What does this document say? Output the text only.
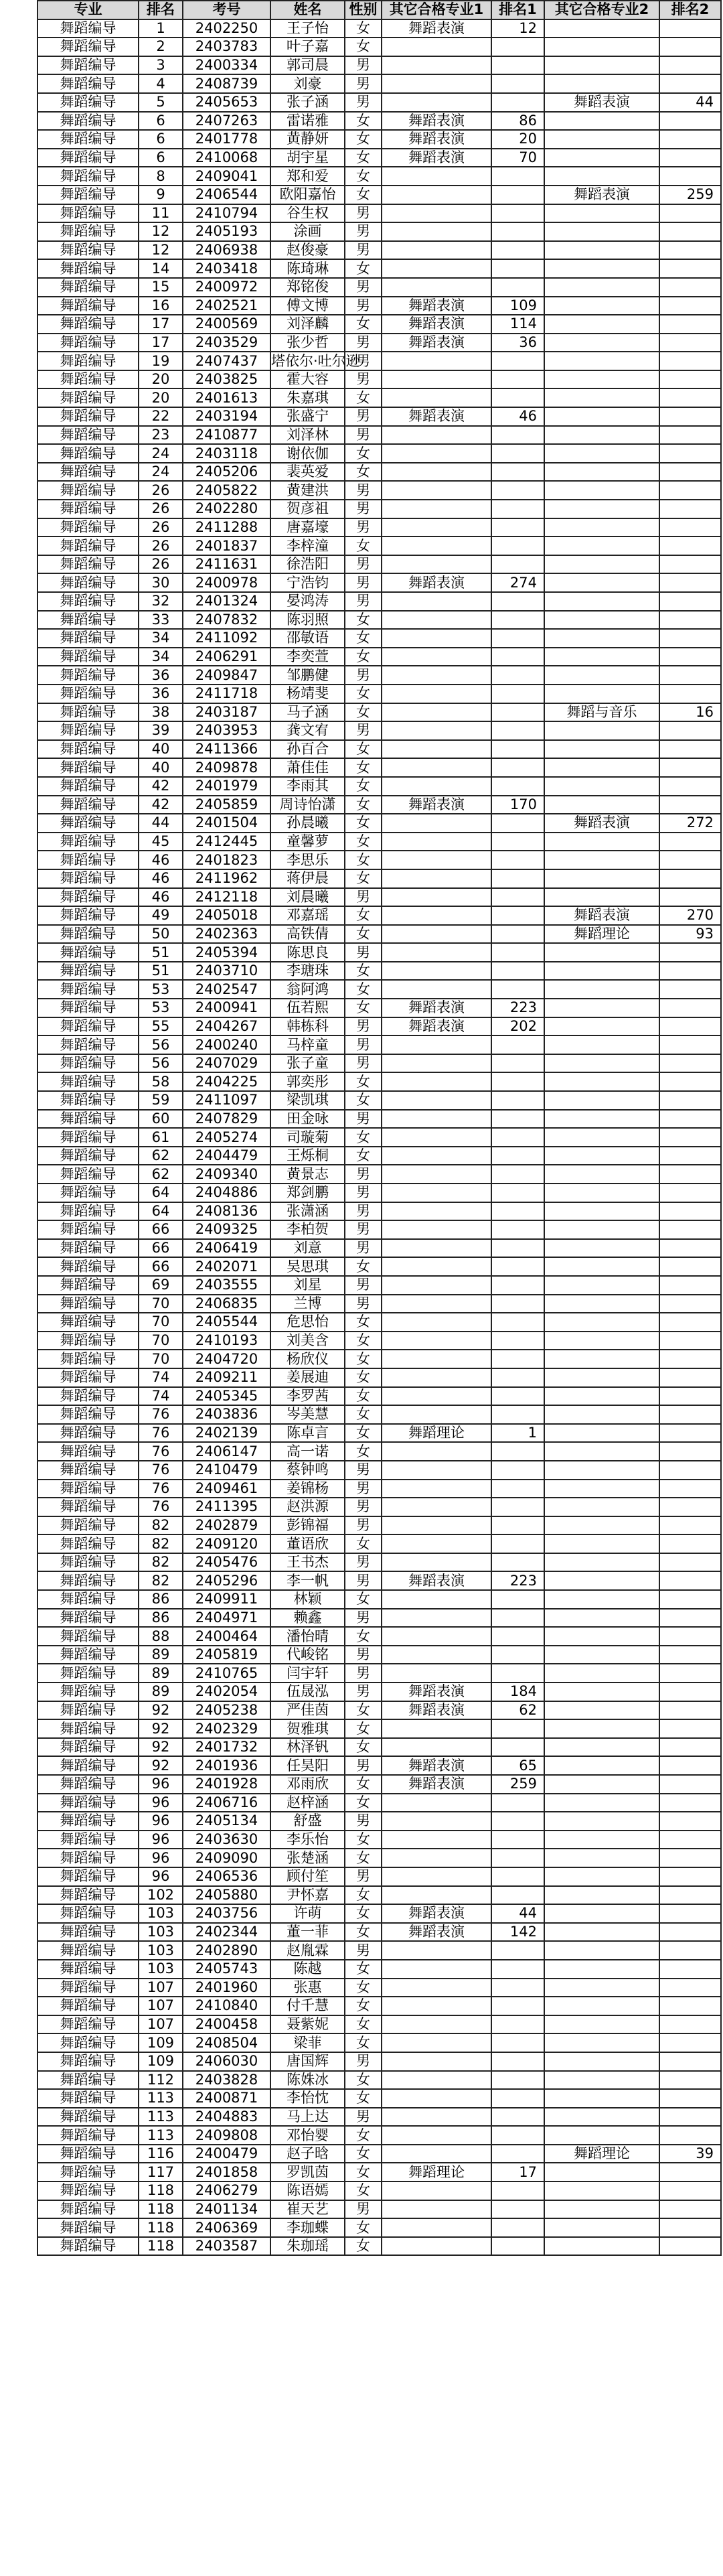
专业	排名	考号	姓名	性别	其它合格专业1	排名1	其它合格专业2	排名2
舞蹈编导	1	2402250	王子怡	女	舞蹈表演	12		
舞蹈编导	2	2403783	叶子嘉	女				
舞蹈编导	3	2400334	郭司晨	男				
舞蹈编导	4	2408739	刘豪	男				
舞蹈编导	5	2405653	张子涵	男			舞蹈表演	44
舞蹈编导	6	2407263	雷诺雅	女	舞蹈表演	86		
舞蹈编导	6	2401778	黄静妍	女	舞蹈表演	20		
舞蹈编导	6	2410068	胡宇星	女	舞蹈表演	70		
舞蹈编导	8	2409041	郑和爱	女				
舞蹈编导	9	2406544	欧阳嘉怡	女			舞蹈表演	259
舞蹈编导	11	2410794	谷生权	男				
舞蹈编导	12	2405193	涂画	男				
舞蹈编导	12	2406938	赵俊豪	男				
舞蹈编导	14	2403418	陈琦琳	女				
舞蹈编导	15	2400972	郑铭俊	男				
舞蹈编导	16	2402521	傅文博	男	舞蹈表演	109		
舞蹈编导	17	2400569	刘泽麟	女	舞蹈表演	114		
舞蹈编导	17	2403529	张少哲	男	舞蹈表演	36		
舞蹈编导	19	2407437	塔依尔·吐尔逊	男				
舞蹈编导	20	2403825	霍大容	男				
舞蹈编导	20	2401613	朱嘉琪	女				
舞蹈编导	22	2403194	张盛宁	男	舞蹈表演	46		
舞蹈编导	23	2410877	刘泽林	男				
舞蹈编导	24	2403118	谢依伽	女				
舞蹈编导	24	2405206	裴英爱	女				
舞蹈编导	26	2405822	黄建洪	男				
舞蹈编导	26	2402280	贺彦祖	男				
舞蹈编导	26	2411288	唐嘉壕	男				
舞蹈编导	26	2401837	李梓潼	女				
舞蹈编导	26	2411631	徐浩阳	男				
舞蹈编导	30	2400978	宁浩钧	男	舞蹈表演	274		
舞蹈编导	32	2401324	晏鸿涛	男				
舞蹈编导	33	2407832	陈羽照	女				
舞蹈编导	34	2411092	邵敏语	女				
舞蹈编导	34	2406291	李奕萱	女				
舞蹈编导	36	2409847	邹鹏健	男				
舞蹈编导	36	2411718	杨靖斐	女				
舞蹈编导	38	2403187	马子涵	女			舞蹈与音乐	16
舞蹈编导	39	2403953	龚文宥	男				
舞蹈编导	40	2411366	孙百合	女				
舞蹈编导	40	2409878	萧佳佳	女				
舞蹈编导	42	2401979	李雨其	女				
舞蹈编导	42	2405859	周诗怡潇	女	舞蹈表演	170		
舞蹈编导	44	2401504	孙晨曦	女			舞蹈表演	272
舞蹈编导	45	2412445	童馨萝	女				
舞蹈编导	46	2401823	李思乐	女				
舞蹈编导	46	2411962	蒋伊晨	女				
舞蹈编导	46	2412118	刘晨曦	男				
舞蹈编导	49	2405018	邓嘉瑶	女			舞蹈表演	270
舞蹈编导	50	2402363	高铁倩	女			舞蹈理论	93
舞蹈编导	51	2405394	陈思良	男				
舞蹈编导	51	2403710	李瑭珠	女				
舞蹈编导	53	2402547	翁阿鸿	女				
舞蹈编导	53	2400941	伍若熙	女	舞蹈表演	223		
舞蹈编导	55	2404267	韩栋科	男	舞蹈表演	202		
舞蹈编导	56	2400240	马梓童	男				
舞蹈编导	56	2407029	张子童	男				
舞蹈编导	58	2404225	郭奕彤	女				
舞蹈编导	59	2411097	梁凯琪	女				
舞蹈编导	60	2407829	田金咏	男				
舞蹈编导	61	2405274	司璇菊	女				
舞蹈编导	62	2404479	王烁桐	女				
舞蹈编导	62	2409340	黄景志	男				
舞蹈编导	64	2404886	郑剑鹏	男				
舞蹈编导	64	2408136	张潇涵	男				
舞蹈编导	66	2409325	李柏贺	男				
舞蹈编导	66	2406419	刘意	男				
舞蹈编导	66	2402071	吴思琪	女				
舞蹈编导	69	2403555	刘星	男				
舞蹈编导	70	2406835	兰博	男				
舞蹈编导	70	2405544	危思怡	女				
舞蹈编导	70	2410193	刘美含	女				
舞蹈编导	70	2404720	杨欣仪	女				
舞蹈编导	74	2409211	姜展迪	女				
舞蹈编导	74	2405345	李罗茜	女				
舞蹈编导	76	2403836	岑美慧	女				
舞蹈编导	76	2402139	陈卓言	女	舞蹈理论	1		
舞蹈编导	76	2406147	高一诺	女				
舞蹈编导	76	2410479	蔡钟鸣	男				
舞蹈编导	76	2409461	姜锦杨	男				
舞蹈编导	76	2411395	赵洪源	男				
舞蹈编导	82	2402879	彭锦福	男				
舞蹈编导	82	2409120	董语欣	女				
舞蹈编导	82	2405476	王书杰	男				
舞蹈编导	82	2405296	李一帆	男	舞蹈表演	223		
舞蹈编导	86	2409911	林颖	女				
舞蹈编导	86	2404971	赖鑫	男				
舞蹈编导	88	2400464	潘怡晴	女				
舞蹈编导	89	2405819	代峻铭	男				
舞蹈编导	89	2410765	闫宇轩	男				
舞蹈编导	89	2402054	伍晟泓	男	舞蹈表演	184		
舞蹈编导	92	2405238	严佳茵	女	舞蹈表演	62		
舞蹈编导	92	2402329	贺雅琪	女				
舞蹈编导	92	2401732	林泽钒	女				
舞蹈编导	92	2401936	任昊阳	男	舞蹈表演	65		
舞蹈编导	96	2401928	邓雨欣	女	舞蹈表演	259		
舞蹈编导	96	2406716	赵梓涵	女				
舞蹈编导	96	2405134	舒盛	男				
舞蹈编导	96	2403630	李乐怡	女				
舞蹈编导	96	2409090	张楚涵	女				
舞蹈编导	96	2406536	顾付笙	男				
舞蹈编导	102	2405880	尹怀嘉	女				
舞蹈编导	103	2403756	许萌	女	舞蹈表演	44		
舞蹈编导	103	2402344	董一菲	女	舞蹈表演	142		
舞蹈编导	103	2402890	赵胤霖	男				
舞蹈编导	103	2405743	陈越	女				
舞蹈编导	107	2401960	张惠	女				
舞蹈编导	107	2410840	付千慧	女				
舞蹈编导	107	2400458	聂紫妮	女				
舞蹈编导	109	2408504	梁菲	女				
舞蹈编导	109	2406030	唐国辉	男				
舞蹈编导	112	2403828	陈姝冰	女				
舞蹈编导	113	2400871	李怡忱	女				
舞蹈编导	113	2404883	马上达	男				
舞蹈编导	113	2409808	邓怡婴	女				
舞蹈编导	116	2400479	赵子晗	女			舞蹈理论	39
舞蹈编导	117	2401858	罗凯茵	女	舞蹈理论	17		
舞蹈编导	118	2406279	陈语嫣	女				
舞蹈编导	118	2401134	崔天艺	男				
舞蹈编导	118	2406369	李珈蝶	女				
舞蹈编导	118	2403587	朱珈瑶	女				
